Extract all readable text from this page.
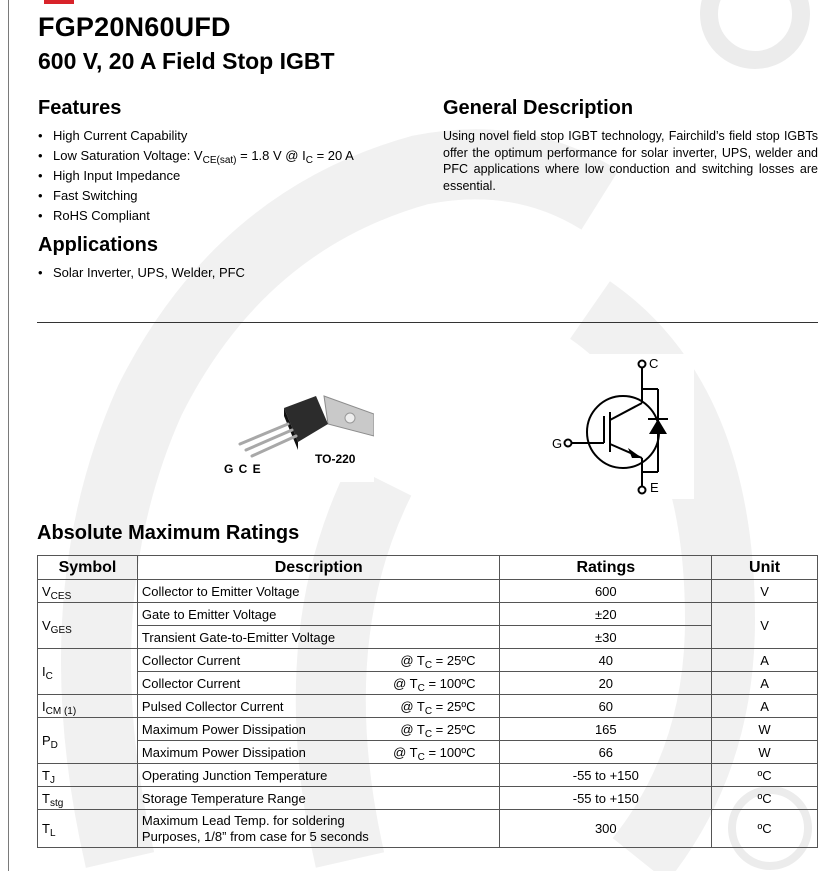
FGP20N60UFD
600 V, 20 A Field Stop IGBT
Features
• High Current Capability
• Low Saturation Voltage: $V_{CE(sat)} = 1.8$ V @ $I_C = 20$ A
• High Input Impedance
• Fast Switching
• RoHS Compliant
Applications
• Solar Inverter, UPS, Welder, PFC
General Description
Using novel field stop IGBT technology, Fairchild’s field stop IGBTs offer the optimum performance for solar inverter, UPS, welder and PFC applications where low conduction and switching losses are essential.
TO-220
G C E
C
G
E
Absolute Maximum Ratings
Symbol	Description	Ratings	Unit
$V_{CES}$	Collector to Emitter Voltage	600	V
$V_{GES}$	Gate to Emitter Voltage	±20	V
	Transient Gate-to-Emitter Voltage	±30	
$I_C$	Collector Current @ $T_C$ = 25ºC	40	A

	Collector Current @ $T_C$ = 100ºC	20	A
$I_{CM (1)}$	Pulsed Collector Current @ $T_C$ = 25ºC	60	A
$P_D$	Maximum Power Dissipation @ $T_C$ = 25ºC	165	W

	Maximum Power Dissipation @ $T_C$ = 100ºC	66	W
$T_J$	Operating Junction Temperature	-55 to +150	ºC
$T_{stg}$	Storage Temperature Range	-55 to +150	ºC
$T_L$	Maximum Lead Temp. for soldering
Purposes, 1/8” from case for 5 seconds	300	ºC
